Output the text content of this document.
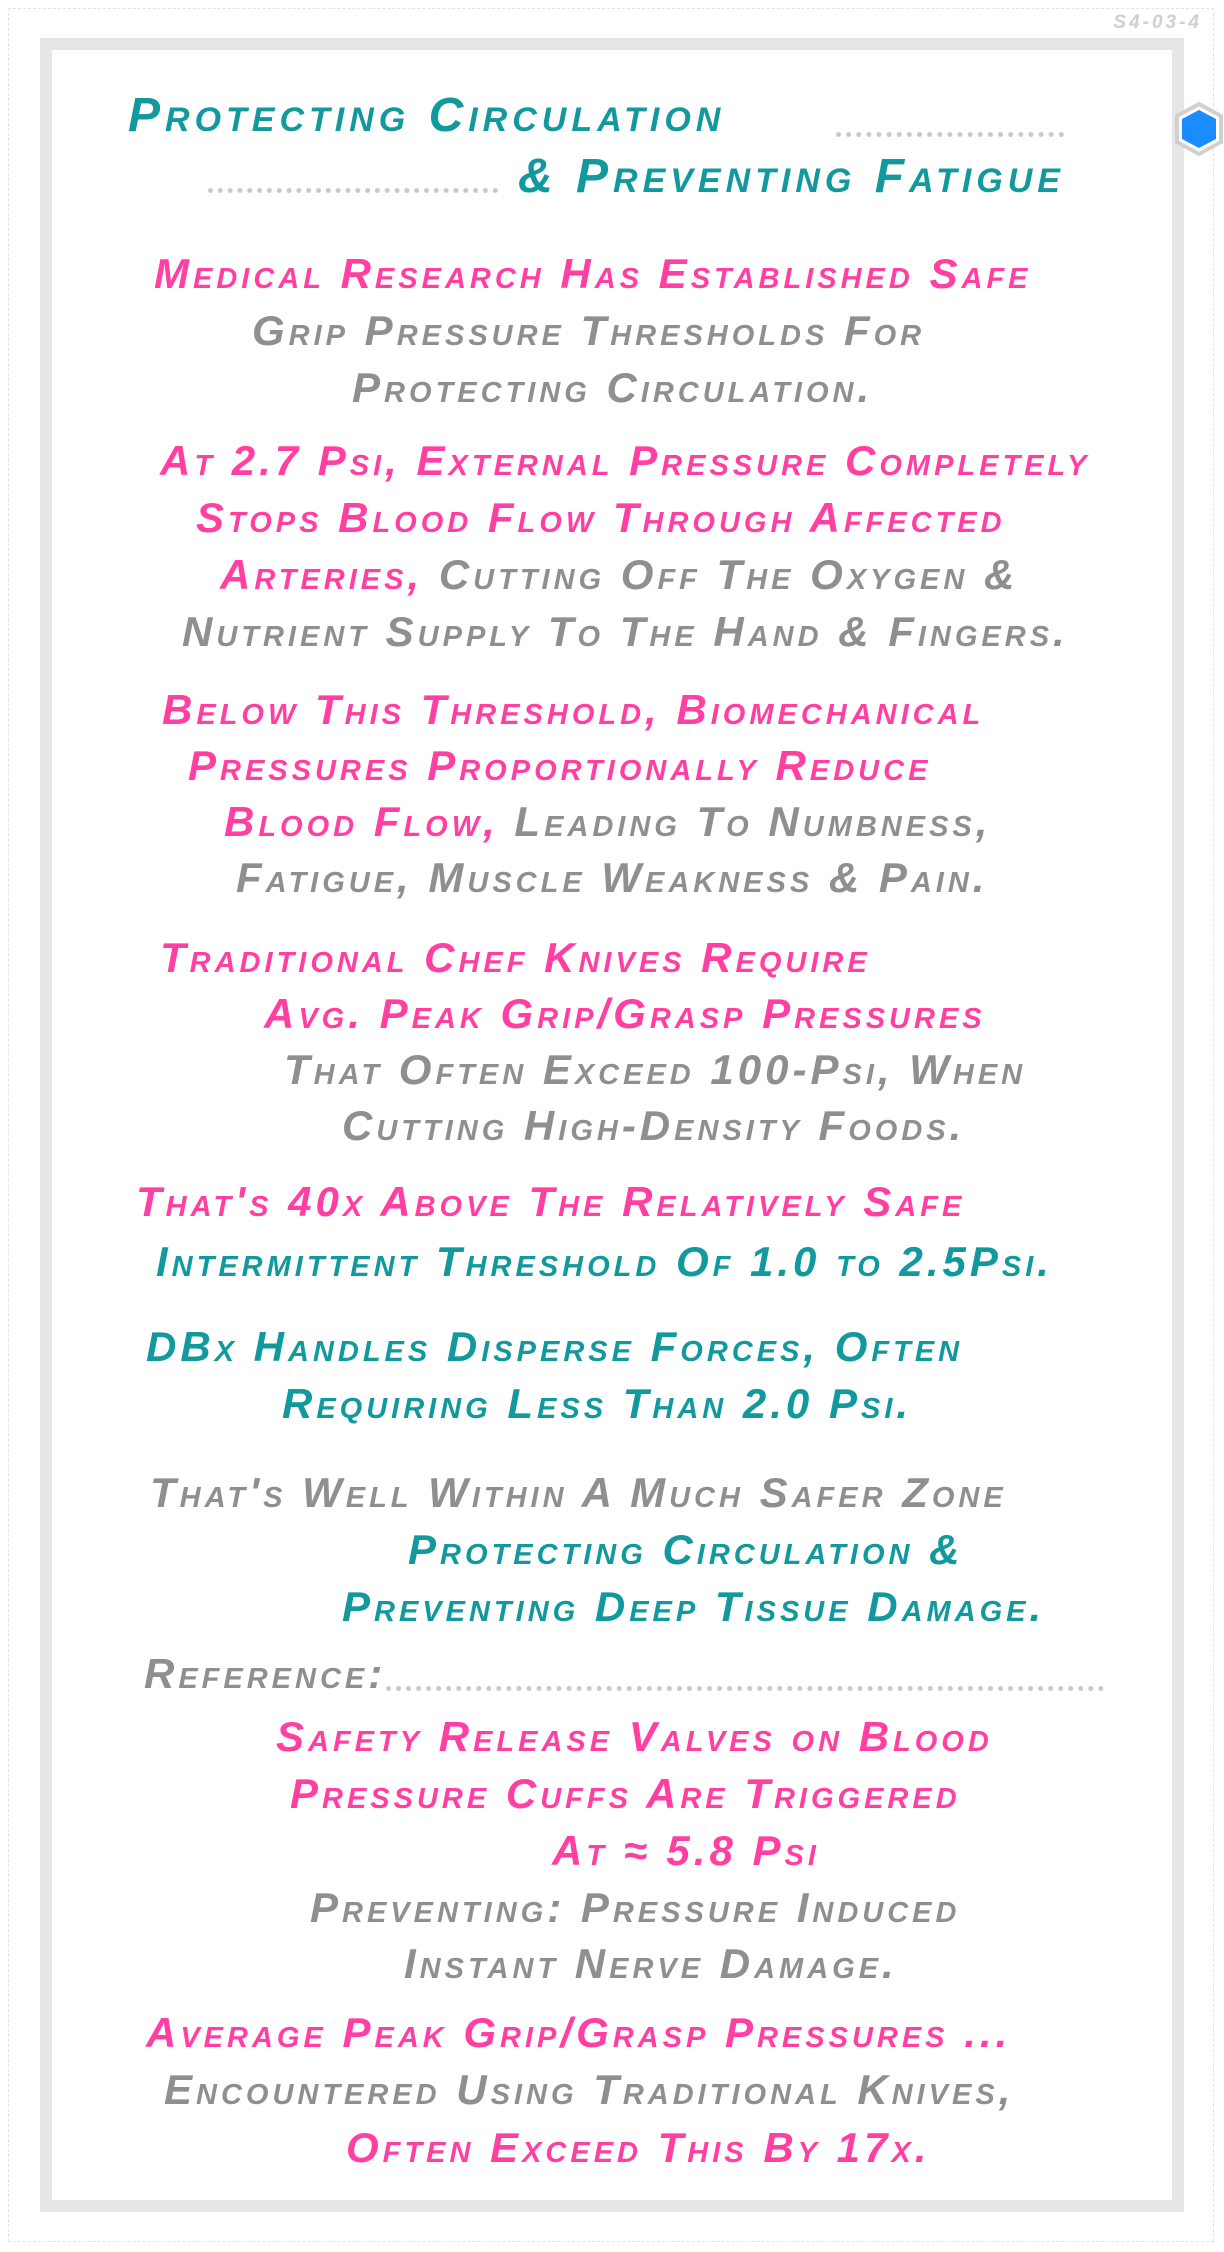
S4-03-4
Protecting Circulation
& Preventing Fatigue
Medical Research Has Established Safe
Grip Pressure Thresholds For
Protecting Circulation.
At 2.7 Psi, External Pressure Completely
Stops Blood Flow Through Affected
Arteries, Cutting Off The Oxygen &
Nutrient Supply To The Hand & Fingers.
Below This Threshold, Biomechanical
Pressures Proportionally Reduce
Blood Flow, Leading To Numbness,
Fatigue, Muscle Weakness & Pain.
Traditional Chef Knives Require
Avg. Peak Grip/Grasp Pressures
That Often Exceed 100-Psi, When
Cutting High-Density Foods.
That's 40x Above The Relatively Safe
Intermittent Threshold Of 1.0 to 2.5Psi.
DBx Handles Disperse Forces, Often
Requiring Less Than 2.0 Psi.
That's Well Within A Much Safer Zone
Protecting Circulation &
Preventing Deep Tissue Damage.
Reference:
Safety Release Valves on Blood
Pressure Cuffs Are Triggered
At ≈ 5.8 Psi
Preventing: Pressure Induced
Instant Nerve Damage.
Average Peak Grip/Grasp Pressures ...
Encountered Using Traditional Knives,
Often Exceed This By 17x.
